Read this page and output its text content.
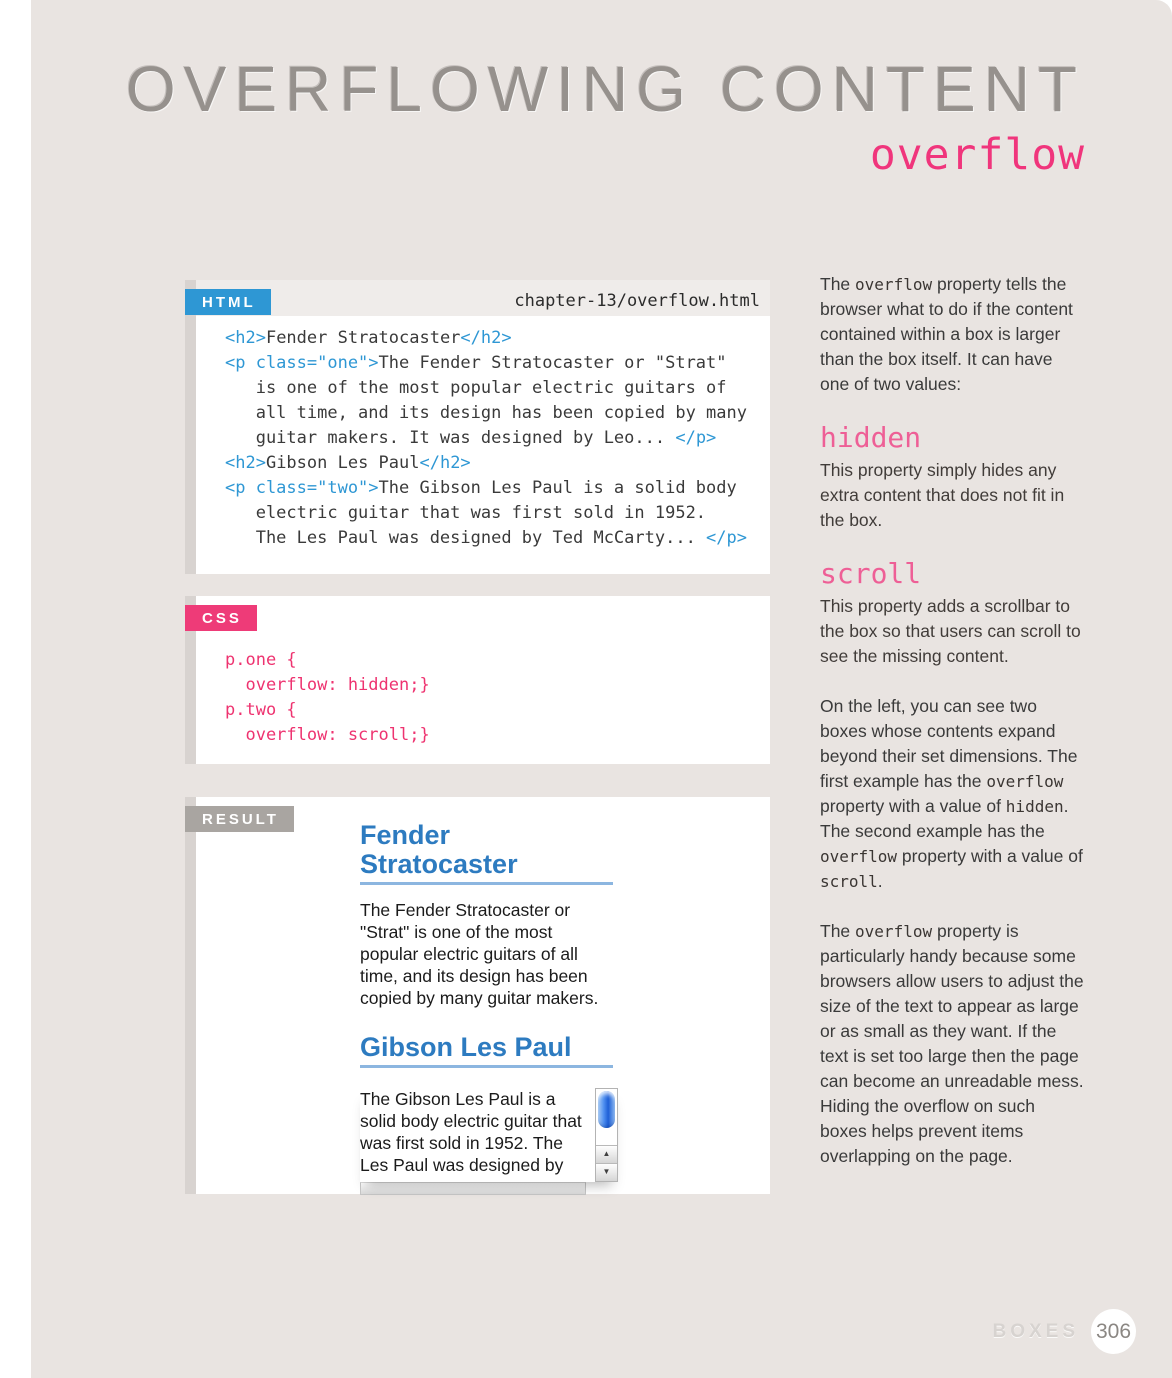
OVERFLOWING CONTENT
overflow
HTML	chapter-13/overflow.html
<h2>Fender Stratocaster</h2>
<p class="one">The Fender Stratocaster or "Strat"
is one of the most popular electric guitars of
all time, and its design has been copied by many
guitar makers. It was designed by Leo... </p>
<h2>Gibson Les Paul</h2>
<p class="two">The Gibson Les Paul is a solid body
electric guitar that was first sold in 1952.
The Les Paul was designed by Ted McCarty... </p>
CSS
p.one {
overflow: hidden;}
p.two {
overflow: scroll;}
RESULT
Fender Stratocaster

The Fender Stratocaster or "Strat" is one of the most popular electric guitars of all time, and its design has been copied by many guitar makers.

Gibson Les Paul

The Gibson Les Paul is a solid body electric guitar that was first sold in 1952. The Les Paul was designed by

▲
▼

The overflow property tells the browser what to do if the content contained within a box is larger than the box itself. It can have one of two values:

hidden

This property simply hides any extra content that does not fit in the box.

scroll

This property adds a scrollbar to the box so that users can scroll to see the missing content.

On the left, you can see two boxes whose contents expand beyond their set dimensions. The first example has the overflow property with a value of hidden. The second example has the overflow property with a value of scroll.

The overflow property is particularly handy because some browsers allow users to adjust the size of the text to appear as large or as small as they want. If the text is set too large then the page can become an unreadable mess. Hiding the overflow on such boxes helps prevent items overlapping on the page.

BOXES 306
